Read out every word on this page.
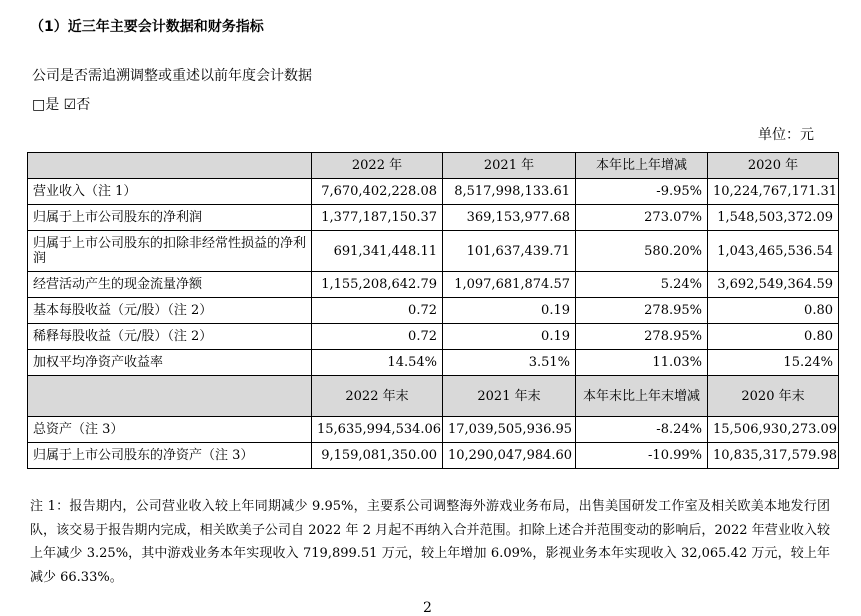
（1）近三年主要会计数据和财务指标
公司是否需追溯调整或重述以前年度会计数据
□是 ☑否
单位：元
	2022 年	2021 年	本年比上年增减	2020 年
营业收入（注 1）	7,670,402,228.08	8,517,998,133.61	-9.95%	10,224,767,171.31
归属于上市公司股东的净利润	1,377,187,150.37	369,153,977.68	273.07%	1,548,503,372.09
归属于上市公司股东的扣除非经常性损益的净利润	691,341,448.11	101,637,439.71	580.20%	1,043,465,536.54
经营活动产生的现金流量净额	1,155,208,642.79	1,097,681,874.57	5.24%	3,692,549,364.59
基本每股收益（元/股）（注 2）	0.72	0.19	278.95%	0.80
稀释每股收益（元/股）（注 2）	0.72	0.19	278.95%	0.80
加权平均净资产收益率	14.54%	3.51%	11.03%	15.24%
	2022 年末	2021 年末	本年末比上年末增减	2020 年末
总资产（注 3）	15,635,994,534.06	17,039,505,936.95	-8.24%	15,506,930,273.09
归属于上市公司股东的净资产（注 3）	9,159,081,350.00	10,290,047,984.60	-10.99%	10,835,317,579.98
注 1：报告期内，公司营业收入较上年同期减少 9.95%，主要系公司调整海外游戏业务布局，出售美国研发工作室及相关欧美本地发行团队，该交易于报告期内完成，相关欧美子公司自 2022 年 2 月起不再纳入合并范围。扣除上述合并范围变动的影响后，2022 年营业收入较上年减少 3.25%，其中游戏业务本年实现收入 719,899.51 万元，较上年增加 6.09%，影视业务本年实现收入 32,065.42 万元，较上年减少 66.33%。
2
